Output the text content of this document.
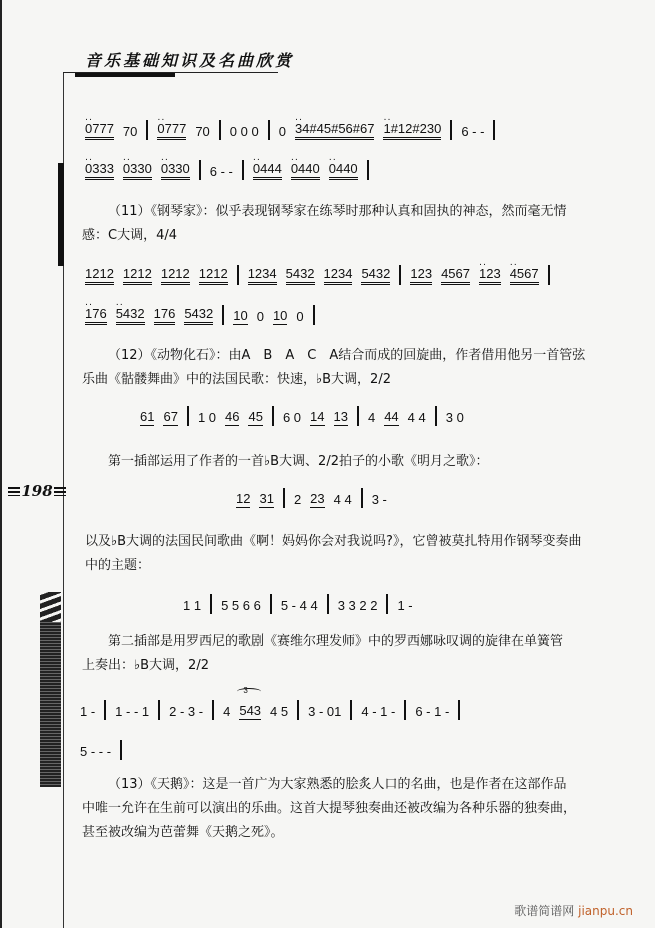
音乐基础知识及名曲欣赏
198
․․ 0777 70 ․․ 0777 70 0 0 0 0 ․․ 34#45#56#67 ․․ 1#12#230 6 - -
․․ 0333 ․․ 0330 ․․ 0330 6 - - ․․ 0444 ․․ 0440 ․․ 0440
（11）《钢琴家》：似乎表现钢琴家在练琴时那种认真和固执的神态，然而毫无情
感：C大调，4/4
1212 1212 1212 1212 1234 5432 1234 5432 123 4567 ․․ 123 ․․ 4567
․․ 176 ․․ 5432 176 5432 10 0 10 0
（12）《动物化石》：由A　B　A　C　A结合而成的回旋曲，作者借用他另一首管弦
乐曲《骷髅舞曲》中的法国民歌：快速，♭B大调，2/2
61 67 1 0 46 45 6 0 14 13 4 44 4 4 3 0
第一插部运用了作者的一首♭B大调、2/2拍子的小歌《明月之歌》：
12 31 2 23 4 4 3 -
以及♭B大调的法国民间歌曲《啊！妈妈你会对我说吗?》，它曾被莫扎特用作钢琴变奏曲
中的主题：
1 1 5 5 6 6 5 - 4 4 3 3 2 2 1 -
第二插部是用罗西尼的歌剧《赛维尔理发师》中的罗西娜咏叹调的旋律在单簧管
上奏出：♭B大调，2/2
1 - 1 - - 1 2 - 3 - 4
3
543 4 5 3 - 01 4 - 1 - 6 - 1 -
5 - - -
（13）《天鹅》：这是一首广为大家熟悉的脍炙人口的名曲，也是作者在这部作品
中唯一允许在生前可以演出的乐曲。这首大提琴独奏曲还被改编为各种乐器的独奏曲，
甚至被改编为芭蕾舞《天鹅之死》。
歌谱简谱网 jianpu.cn
